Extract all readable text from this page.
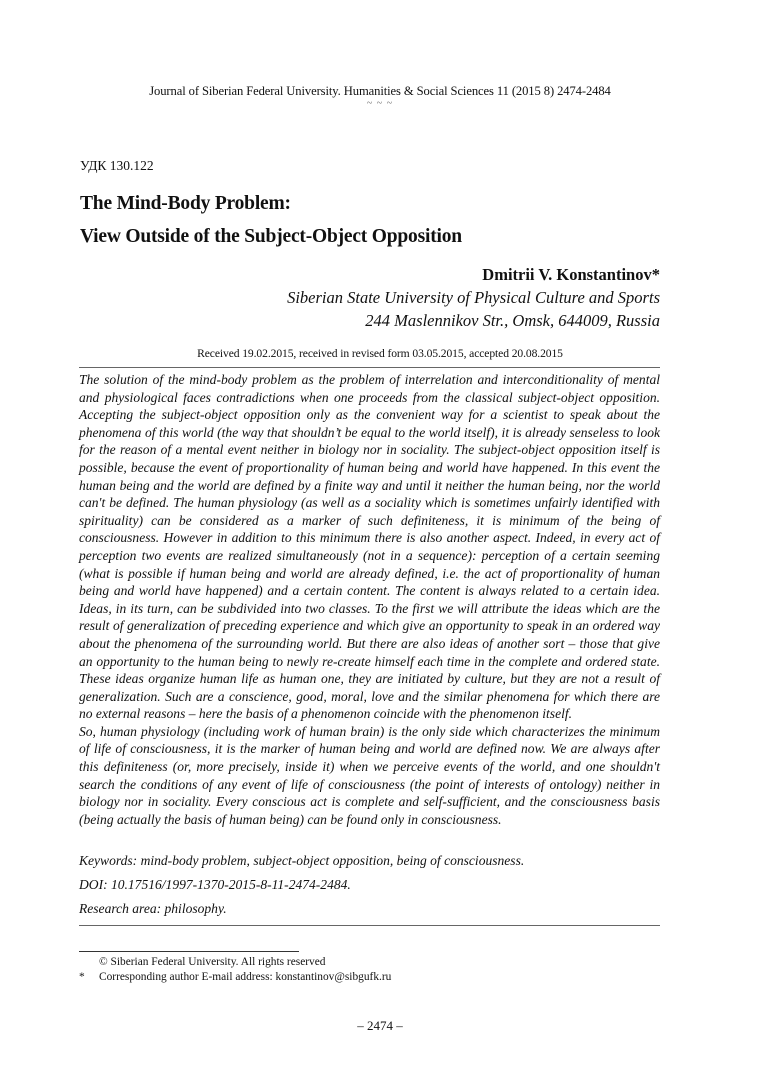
Journal of Siberian Federal University. Humanities & Social Sciences 11 (2015 8) 2474-2484
~ ~ ~
УДК 130.122
The Mind-Body Problem:
View Outside of the Subject-Object Opposition
Dmitrii V. Konstantinov*
Siberian State University of Physical Culture and Sports
244 Maslennikov Str., Omsk, 644009, Russia
Received 19.02.2015, received in revised form 03.05.2015, accepted 20.08.2015

The solution of the mind-body problem as the problem of interrelation and interconditionality of mental and physiological faces contradictions when one proceeds from the classical subject-object opposition. Accepting the subject-object opposition only as the convenient way for a scientist to speak about the phenomena of this world (the way that shouldn’t be equal to the world itself), it is already senseless to look for the reason of a mental event neither in biology nor in sociality. The subject-object opposition itself is possible, because the event of proportionality of human being and world have happened. In this event the human being and the world are defined by a finite way and until it neither the human being, nor the world can't be defined. The human physiology (as well as a sociality which is sometimes unfairly identified with spirituality) can be considered as a marker of such definiteness, it is minimum of the being of consciousness. However in addition to this minimum there is also another aspect. Indeed, in every act of perception two events are realized simultaneously (not in a sequence): perception of a certain seeming (what is possible if human being and world are already defined, i.e. the act of proportionality of human being and world have happened) and a certain content. The content is always related to a certain idea. Ideas, in its turn, can be subdivided into two classes. To the first we will attribute the ideas which are the result of generalization of preceding experience and which give an opportunity to speak in an ordered way about the phenomena of the surrounding world. But there are also ideas of another sort – those that give an opportunity to the human being to newly re-create himself each time in the complete and ordered state. These ideas organize human life as human one, they are initiated by culture, but they are not a result of generalization. Such are a conscience, good, moral, love and the similar phenomena for which there are no external reasons – here the basis of a phenomenon coincide with the phenomenon itself.

So, human physiology (including work of human brain) is the only side which characterizes the minimum of life of consciousness, it is the marker of human being and world are defined now. We are always after this definiteness (or, more precisely, inside it) when we perceive events of the world, and one shouldn't search the conditions of any event of life of consciousness (the point of interests of ontology) neither in biology nor in sociality. Every conscious act is complete and self-sufficient, and the consciousness basis (being actually the basis of human being) can be found only in consciousness.

Keywords: mind-body problem, subject-object opposition, being of consciousness.
DOI: 10.17516/1997-1370-2015-8-11-2474-2484.
Research area: philosophy.
© Siberian Federal University. All rights reserved
*	Corresponding author E-mail address: konstantinov@sibgufk.ru
– 2474 –
